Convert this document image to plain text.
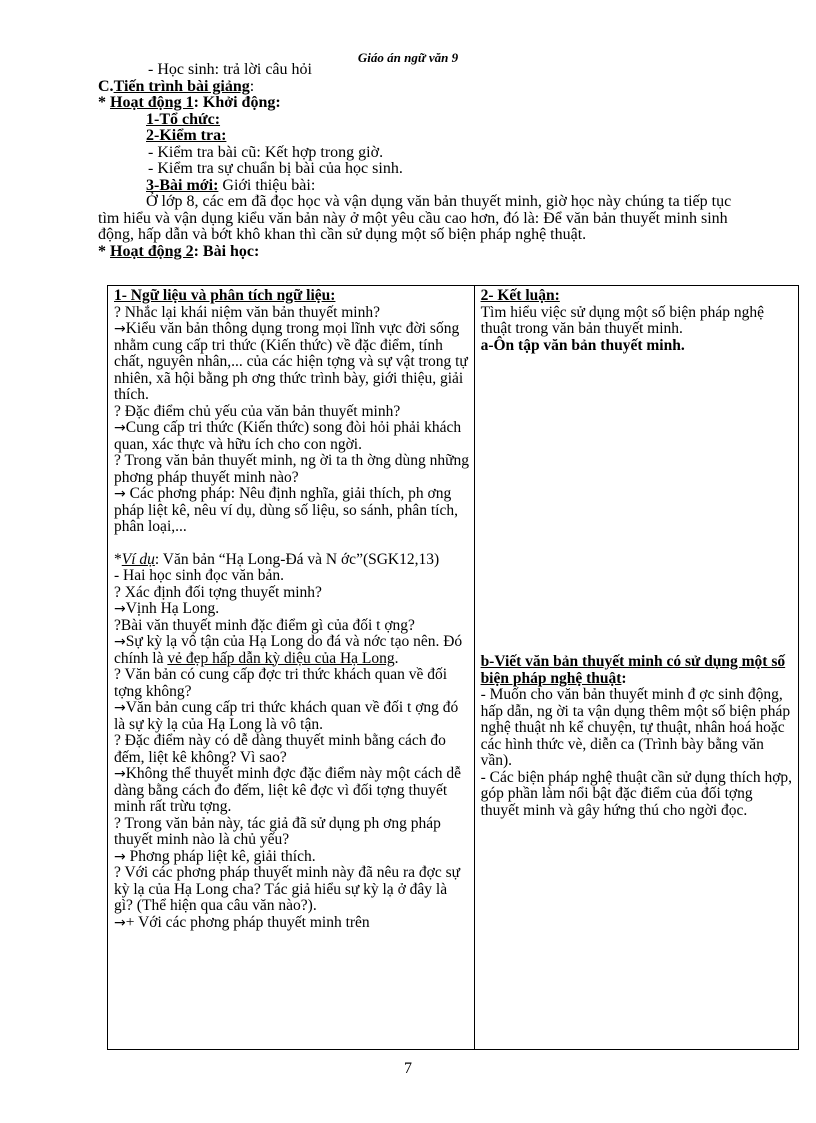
Giáo án ngữ văn 9
- Học sinh: trả lời câu hỏi
C.Tiến trình bài giảng:
* Hoạt động 1: Khởi động:
1-Tổ chức:
2-Kiểm tra:
- Kiểm tra bài cũ: Kết hợp trong giờ.
- Kiểm tra sự chuẩn bị bài của học sinh.
3-Bài mới: Giới thiệu bài:
Ở lớp 8, các em đã đọc học và vận dụng văn bản thuyết minh, giờ học này chúng ta tiếp tục tìm hiểu và vận dụng kiểu văn bản này ở một yêu cầu cao hơn, đó là: Để văn bản thuyết minh sinh động, hấp dẫn và bớt khô khan thì cần sử dụng một số biện pháp nghệ thuật.
* Hoạt động 2: Bài học:
1- Ngữ liệu và phân tích ngữ liệu:
? Nhắc lại khái niệm văn bản thuyết minh?
→Kiểu văn bản thông dụng trong mọi lĩnh vực đời sống nhằm cung cấp tri thức (Kiến thức) về đặc điểm, tính chất, nguyên nhân,... của các hiện tợng và sự vật trong tự nhiên, xã hội bằng ph ơng thức trình bày, giới thiệu, giải thích.
? Đặc điểm chủ yếu của văn bản thuyết minh?
→Cung cấp tri thức (Kiến thức) song đòi hỏi phải khách quan, xác thực và hữu ích cho con ngời.
? Trong văn bản thuyết minh, ng ời ta th ờng dùng những phơng pháp thuyết minh nào?
→ Các phơng pháp: Nêu định nghĩa, giải thích, ph ơng pháp liệt kê, nêu ví dụ, dùng số liệu, so sánh, phân tích, phân loại,...
*Ví dụ: Văn bản “Hạ Long-Đá và N ớc”(SGK12,13)
- Hai học sinh đọc văn bản.
? Xác định đối tợng thuyết minh?
→Vịnh Hạ Long.
?Bài văn thuyết minh đặc điểm gì của đối t ợng?
→Sự kỳ lạ vô tận của Hạ Long do đá và nớc tạo nên. Đó chính là vẻ đẹp hấp dẫn kỳ diệu của Hạ Long.
? Văn bản có cung cấp đợc tri thức khách quan về đối tợng không?
→Văn bản cung cấp tri thức khách quan về đối t ợng đó là sự kỳ lạ của Hạ Long là vô tận.
? Đặc điểm này có dễ dàng thuyết minh bằng cách đo đếm, liệt kê không? Vì sao?
→Không thể thuyết minh đợc đặc điểm này một cách dễ dàng bằng cách đo đếm, liệt kê đợc vì đối tợng thuyết minh rất trừu tợng.
? Trong văn bản này, tác giả đã sử dụng ph ơng pháp thuyết minh nào là chủ yếu?
→ Phơng pháp liệt kê, giải thích.
? Với các phơng pháp thuyết minh này đã nêu ra đợc sự kỳ lạ của Hạ Long cha? Tác giả hiểu sự kỳ lạ ở đây là gì? (Thể hiện qua câu văn nào?).
→+ Với các phơng pháp thuyết minh trên

2- Kết luận:
Tìm hiểu việc sử dụng một số biện pháp nghệ thuật trong văn bản thuyết minh.
a-Ôn tập văn bản thuyết minh.
b-Viết văn bản thuyết minh có sử dụng một số biện pháp nghệ thuật:
- Muốn cho văn bản thuyết minh đ ợc sinh động, hấp dẫn, ng ời ta vận dụng thêm một số biện pháp nghệ thuật nh kể chuyện, tự thuật, nhân hoá hoặc các hình thức vè, diễn ca (Trình bày bằng văn vần).
- Các biện pháp nghệ thuật cần sử dụng thích hợp, góp phần làm nổi bật đặc điểm của đối tợng thuyết minh và gây hứng thú cho ngời đọc.
7
